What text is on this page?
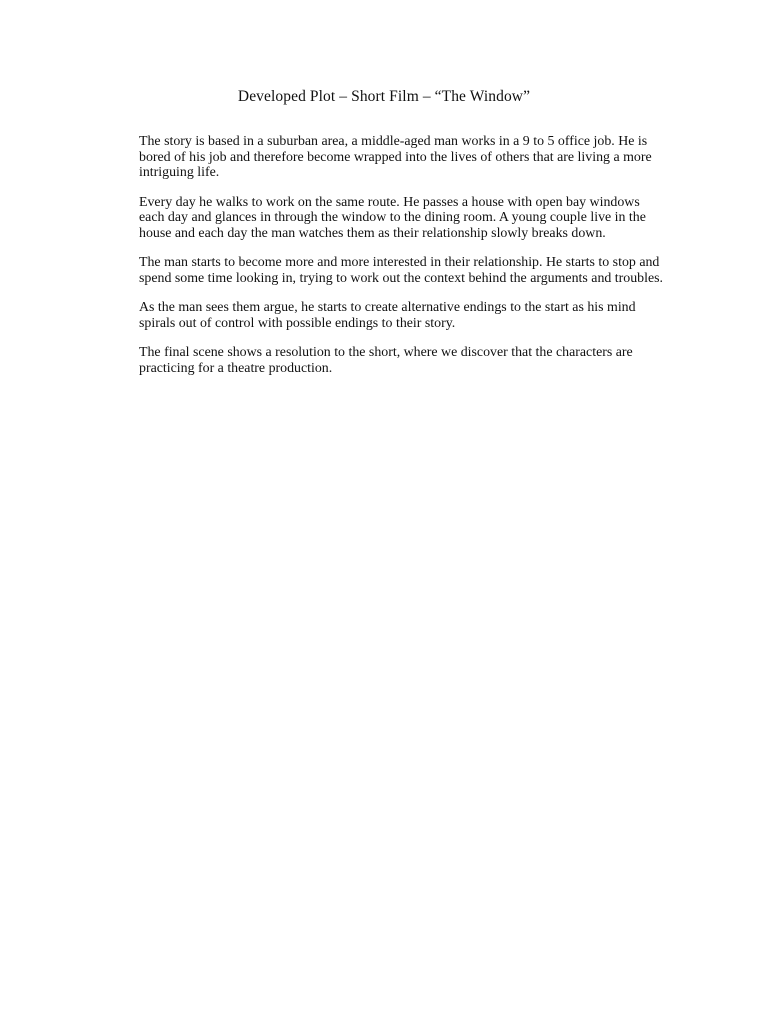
Developed Plot – Short Film – “The Window”

The story is based in a suburban area, a middle-aged man works in a 9 to 5 office job. He is
bored of his job and therefore become wrapped into the lives of others that are living a more
intriguing life.

Every day he walks to work on the same route. He passes a house with open bay windows
each day and glances in through the window to the dining room. A young couple live in the
house and each day the man watches them as their relationship slowly breaks down.

The man starts to become more and more interested in their relationship. He starts to stop and
spend some time looking in, trying to work out the context behind the arguments and troubles.

As the man sees them argue, he starts to create alternative endings to the start as his mind
spirals out of control with possible endings to their story.

The final scene shows a resolution to the short, where we discover that the characters are
practicing for a theatre production.
